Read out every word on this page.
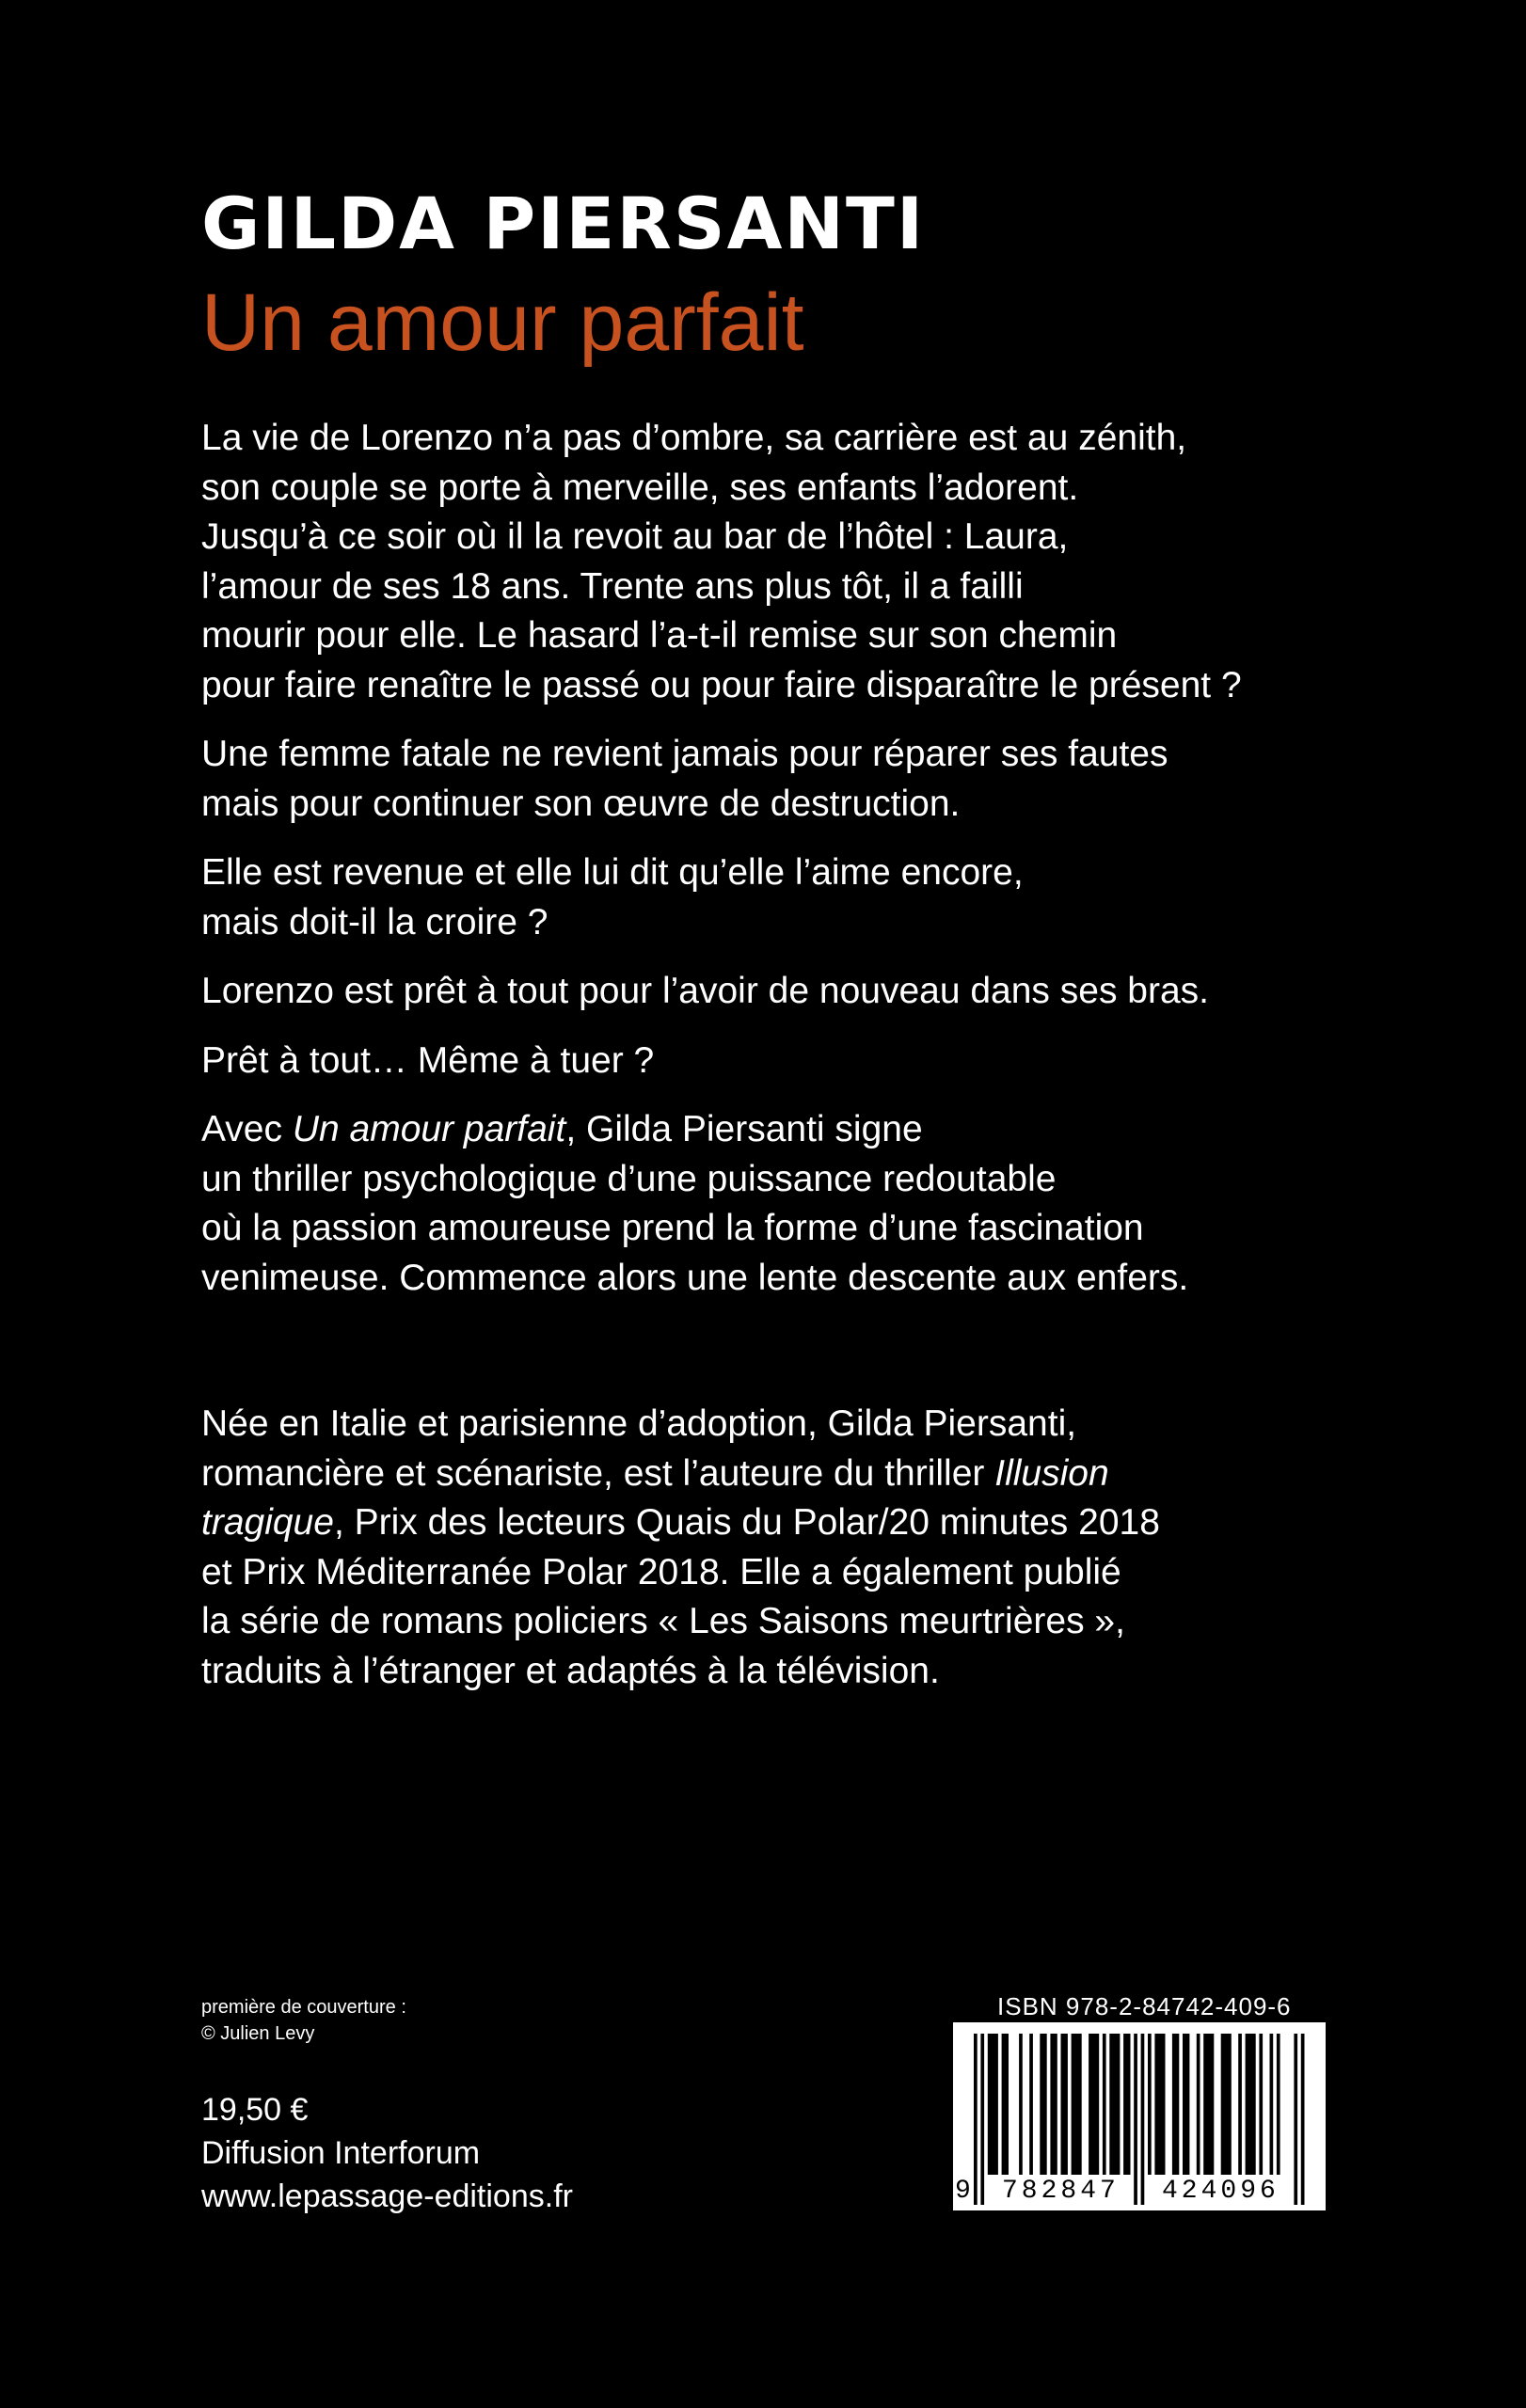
GILDA PIERSANTI
Un amour parfait

La vie de Lorenzo n’a pas d’ombre, sa carrière est au zénith,
son couple se porte à merveille, ses enfants l’adorent.
Jusqu’à ce soir où il la revoit au bar de l’hôtel : Laura,
l’amour de ses 18 ans. Trente ans plus tôt, il a failli
mourir pour elle. Le hasard l’a-t-il remise sur son chemin
pour faire renaître le passé ou pour faire disparaître le présent ?

Une femme fatale ne revient jamais pour réparer ses fautes
mais pour continuer son œuvre de destruction.

Elle est revenue et elle lui dit qu’elle l’aime encore,
mais doit-il la croire ?

Lorenzo est prêt à tout pour l’avoir de nouveau dans ses bras.

Prêt à tout… Même à tuer ?

Avec Un amour parfait, Gilda Piersanti signe
un thriller psychologique d’une puissance redoutable
où la passion amoureuse prend la forme d’une fascination
venimeuse. Commence alors une lente descente aux enfers.

Née en Italie et parisienne d’adoption, Gilda Piersanti,
romancière et scénariste, est l’auteure du thriller Illusion
tragique, Prix des lecteurs Quais du Polar/20 minutes 2018
et Prix Méditerranée Polar 2018. Elle a également publié
la série de romans policiers « Les Saisons meurtrières »,
traduits à l’étranger et adaptés à la télévision.
première de couverture :
© Julien Levy
19,50 €
Diffusion Interforum
www.lepassage-editions.fr
ISBN 978-2-84742-409-6
9 782847 424096
